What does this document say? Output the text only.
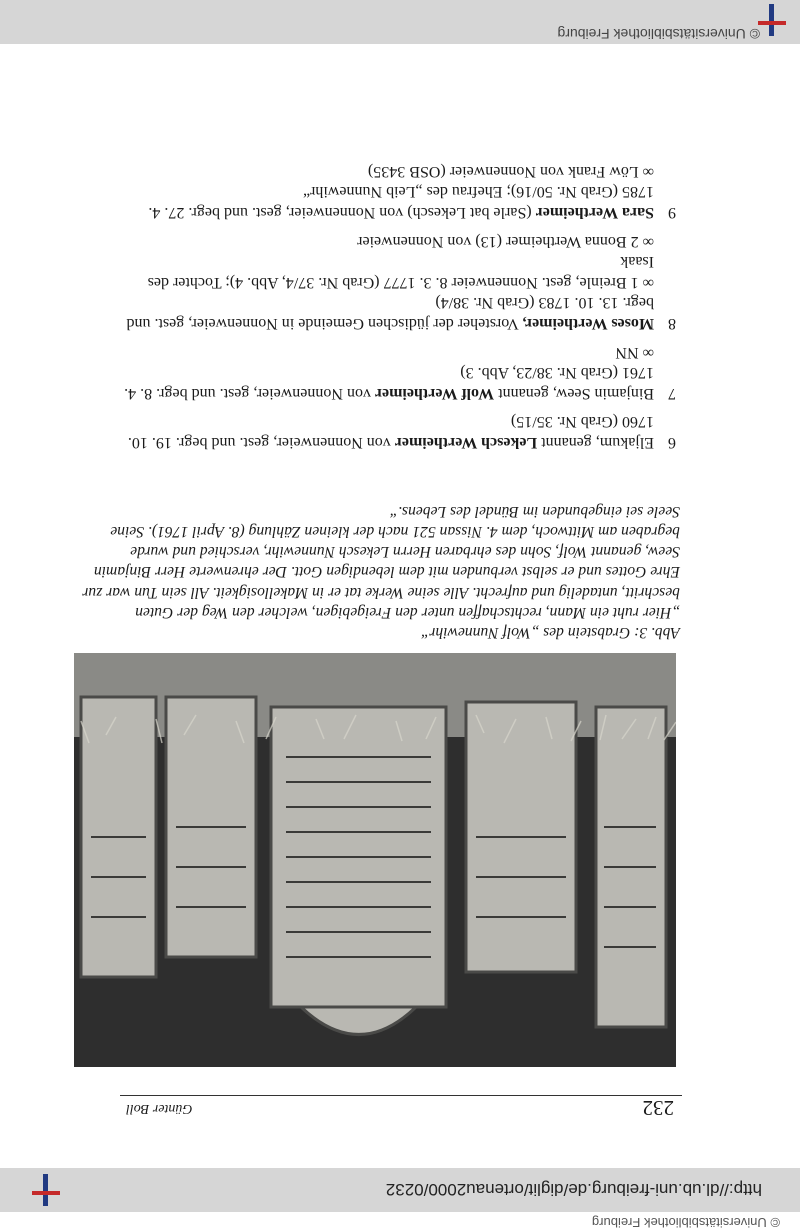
http://dl.ub.uni-freiburg.de/diglit/ortenau2000/0232
© Universitätsbibliothek Freiburg
© Universitätsbibliothek Freiburg
232
Günter Boll

Abb. 3: Grabstein des „Wolf Nunnewihr“

„Hier ruht ein Mann, rechtschaffen unter den Freigebigen, welcher den Weg der Guten beschritt, untadelig und aufrecht. Alle seine Werke tat er in Makellosigkeit. All sein Tun war zur Ehre Gottes und er selbst verbunden mit dem lebendigen Gott. Der ehrenwerte Herr Binjamin Seew, genannt Wolf, Sohn des ehrbaren Herrn Lekesch Nunnewihr, verschied und wurde begraben am Mittwoch, dem 4. Nissan 521 nach der kleinen Zählung (8. April 1761). Seine Seele sei eingebunden im Bündel des Lebens.“

6

Eljakum, genannt Lekesch Wertheimer von Nonnenweier, gest. und begr. 19. 10. 1760 (Grab Nr. 35/15)

7

Binjamin Seew, genannt Wolf Wertheimer von Nonnenweier, gest. und begr. 8. 4. 1761 (Grab Nr. 38/23, Abb. 3)

∞ NN

8

Moses Wertheimer, Vorsteher der jüdischen Gemeinde in Nonnenweier, gest. und begr. 13. 10. 1783 (Grab Nr. 38/4)

∞ 1 Breinle, gest. Nonnenweier 8. 3. 1777 (Grab Nr. 37/4, Abb. 4); Tochter des Isaak

∞ 2 Bonna Wertheimer (13) von Nonnenweier

9

Sara Wertheimer (Sarle bat Lekesch) von Nonnenweier, gest. und begr. 27. 4. 1785 (Grab Nr. 50/16); Ehefrau des „Leib Nunnewihr“

∞ Löw Frank von Nonnenweier (OSB 3435)
